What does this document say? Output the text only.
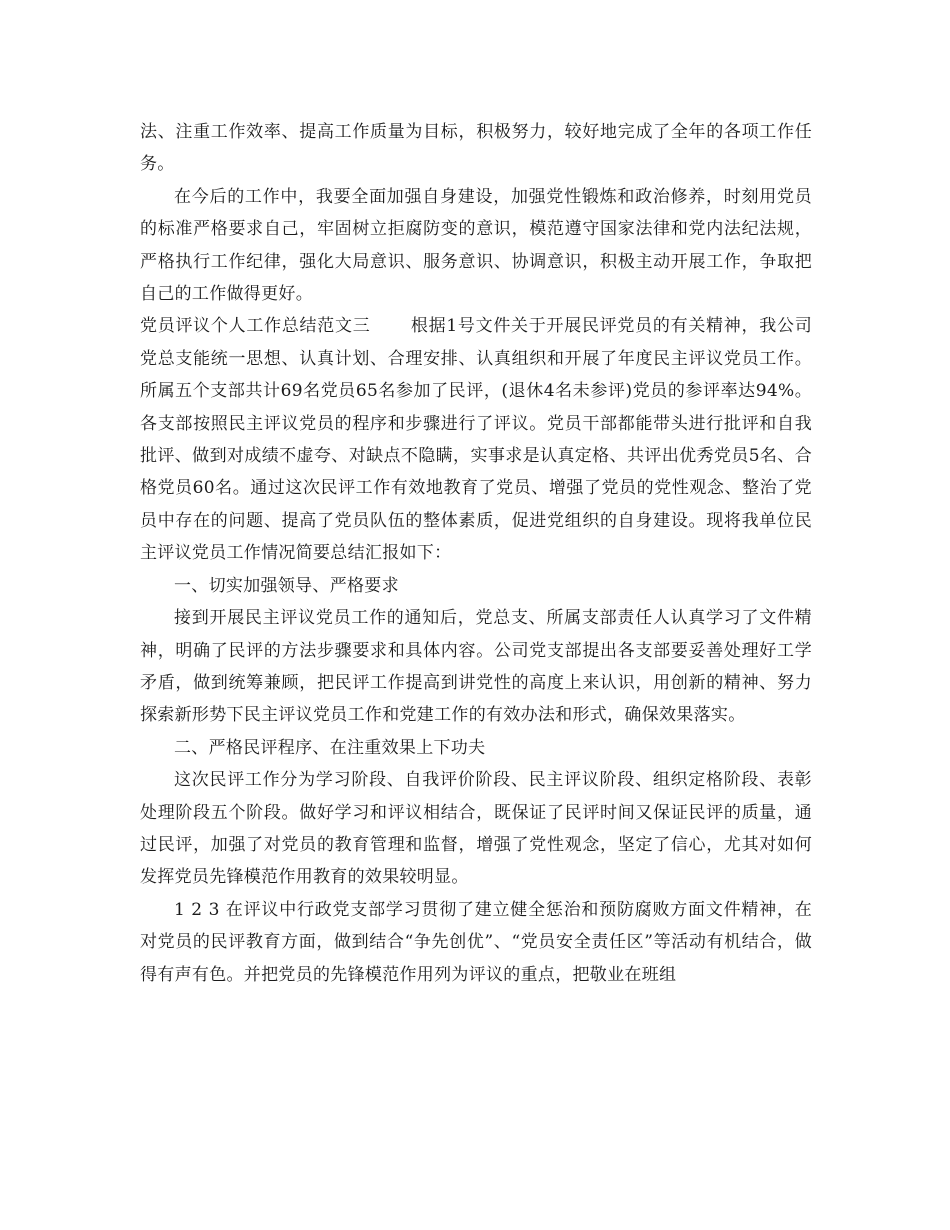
法、注重工作效率、提高工作质量为目标，积极努力，较好地完成了全年的各项工作任务。

在今后的工作中，我要全面加强自身建设，加强党性锻炼和政治修养，时刻用党员的标准严格要求自己，牢固树立拒腐防变的意识，模范遵守国家法律和党内法纪法规，严格执行工作纪律，强化大局意识、服务意识、协调意识，积极主动开展工作，争取把自己的工作做得更好。

党员评议个人工作总结范文三 根据1号文件关于开展民评党员的有关精神，我公司党总支能统一思想、认真计划、合理安排、认真组织和开展了年度民主评议党员工作。所属五个支部共计69名党员65名参加了民评，(退休4名未参评)党员的参评率达94%。各支部按照民主评议党员的程序和步骤进行了评议。党员干部都能带头进行批评和自我批评、做到对成绩不虚夸、对缺点不隐瞒，实事求是认真定格、共评出优秀党员5名、合格党员60名。通过这次民评工作有效地教育了党员、增强了党员的党性观念、整治了党员中存在的问题、提高了党员队伍的整体素质，促进党组织的自身建设。现将我单位民主评议党员工作情况简要总结汇报如下：

一、切实加强领导、严格要求

接到开展民主评议党员工作的通知后，党总支、所属支部责任人认真学习了文件精神，明确了民评的方法步骤要求和具体内容。公司党支部提出各支部要妥善处理好工学矛盾，做到统筹兼顾，把民评工作提高到讲党性的高度上来认识，用创新的精神、努力探索新形势下民主评议党员工作和党建工作的有效办法和形式，确保效果落实。

二、严格民评程序、在注重效果上下功夫

这次民评工作分为学习阶段、自我评价阶段、民主评议阶段、组织定格阶段、表彰处理阶段五个阶段。做好学习和评议相结合，既保证了民评时间又保证民评的质量，通过民评，加强了对党员的教育管理和监督，增强了党性观念，坚定了信心，尤其对如何发挥党员先锋模范作用教育的效果较明显。

1 2 3 在评议中行政党支部学习贯彻了建立健全惩治和预防腐败方面文件精神，在对党员的民评教育方面，做到结合“争先创优”、“党员安全责任区”等活动有机结合，做得有声有色。并把党员的先锋模范作用列为评议的重点，把敬业在班组
